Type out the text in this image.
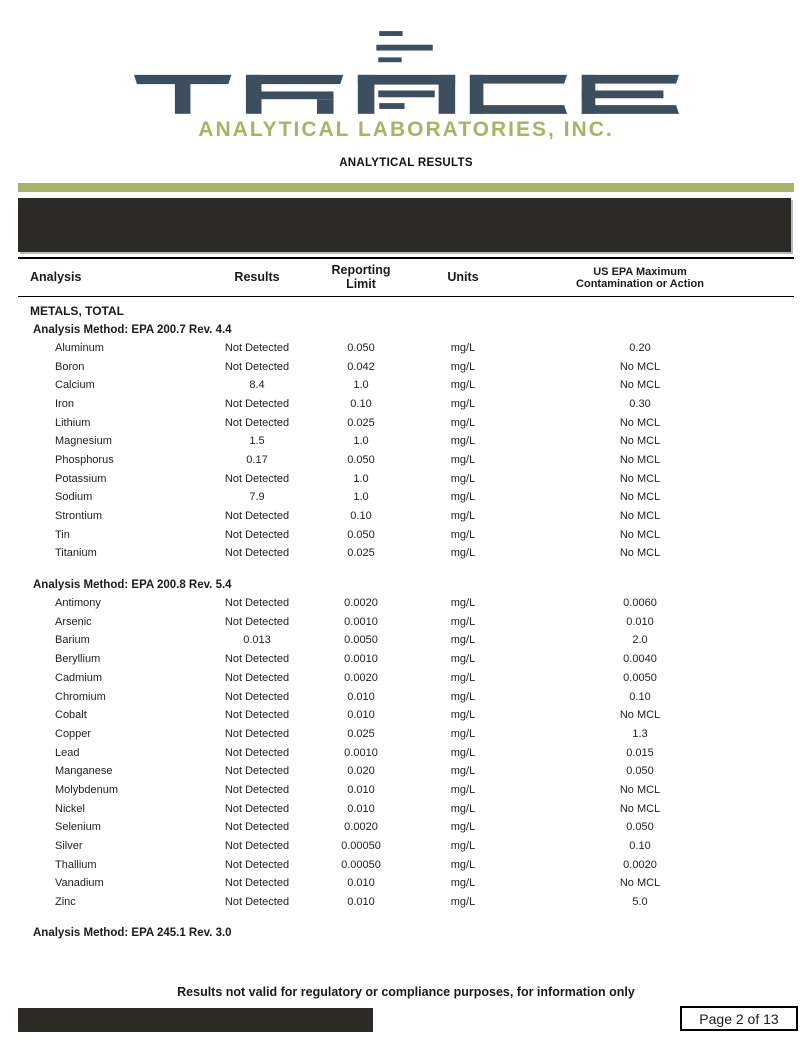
ANALYTICAL LABORATORIES, INC.
ANALYTICAL RESULTS
Analysis	Results	Reporting Limit	Units	US EPA Maximum
Contamination or Action
METALS, TOTAL
Analysis Method: EPA 200.7 Rev. 4.4
Aluminum	Not Detected	0.050	mg/L	0.20
Boron	Not Detected	0.042	mg/L	No MCL
Calcium	8.4	1.0	mg/L	No MCL
Iron	Not Detected	0.10	mg/L	0.30
Lithium	Not Detected	0.025	mg/L	No MCL
Magnesium	1.5	1.0	mg/L	No MCL
Phosphorus	0.17	0.050	mg/L	No MCL
Potassium	Not Detected	1.0	mg/L	No MCL
Sodium	7.9	1.0	mg/L	No MCL
Strontium	Not Detected	0.10	mg/L	No MCL
Tin	Not Detected	0.050	mg/L	No MCL
Titanium	Not Detected	0.025	mg/L	No MCL
Analysis Method: EPA 200.8 Rev. 5.4
Antimony	Not Detected	0.0020	mg/L	0.0060
Arsenic	Not Detected	0.0010	mg/L	0.010
Barium	0.013	0.0050	mg/L	2.0
Beryllium	Not Detected	0.0010	mg/L	0.0040
Cadmium	Not Detected	0.0020	mg/L	0.0050
Chromium	Not Detected	0.010	mg/L	0.10
Cobalt	Not Detected	0.010	mg/L	No MCL
Copper	Not Detected	0.025	mg/L	1.3
Lead	Not Detected	0.0010	mg/L	0.015
Manganese	Not Detected	0.020	mg/L	0.050
Molybdenum	Not Detected	0.010	mg/L	No MCL
Nickel	Not Detected	0.010	mg/L	No MCL
Selenium	Not Detected	0.0020	mg/L	0.050
Silver	Not Detected	0.00050	mg/L	0.10
Thallium	Not Detected	0.00050	mg/L	0.0020
Vanadium	Not Detected	0.010	mg/L	No MCL
Zinc	Not Detected	0.010	mg/L	5.0
Analysis Method: EPA 245.1 Rev. 3.0
Results not valid for regulatory or compliance purposes, for information only
Page 2 of 13
